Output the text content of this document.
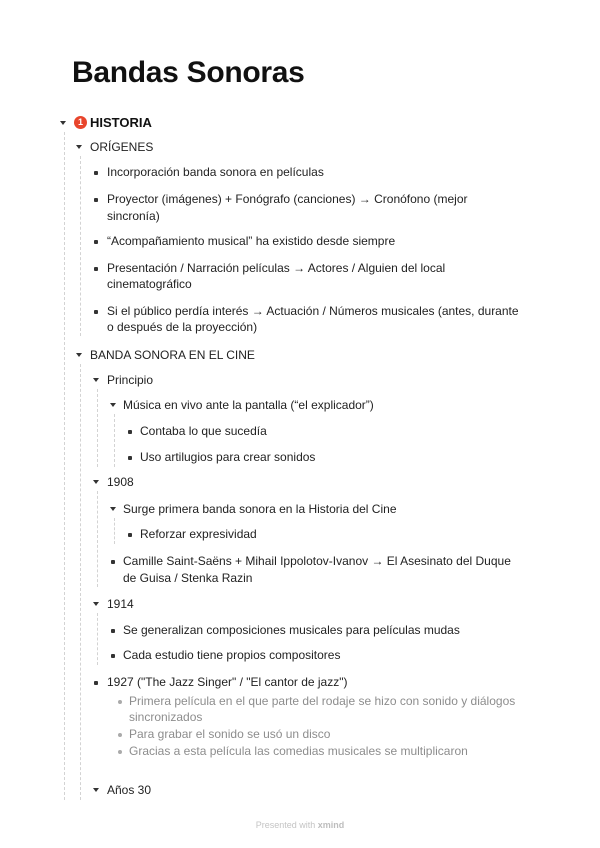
Bandas Sonoras
1 HISTORIA
ORÍGENES
Incorporación banda sonora en películas
Proyector (imágenes) + Fonógrafo (canciones) → Cronófono (mejor
sincronía)
“Acompañamiento musical” ha existido desde siempre
Presentación / Narración películas → Actores / Alguien del local
cinematográfico
Si el público perdía interés → Actuación / Números musicales (antes, durante
o después de la proyección)
BANDA SONORA EN EL CINE
Principio
Música en vivo ante la pantalla (“el explicador”)
Contaba lo que sucedía
Uso artilugios para crear sonidos
1908
Surge primera banda sonora en la Historia del Cine
Reforzar expresividad
Camille Saint-Saëns + Mihail Ippolotov-Ivanov → El Asesinato del Duque
de Guisa / Stenka Razin
1914
Se generalizan composiciones musicales para películas mudas
Cada estudio tiene propios compositores
1927 ("The Jazz Singer" / "El cantor de jazz")
Primera película en el que parte del rodaje se hizo con sonido y diálogos
sincronizados
Para grabar el sonido se usó un disco
Gracias a esta película las comedias musicales se multiplicaron
Años 30
Presented with xmind
